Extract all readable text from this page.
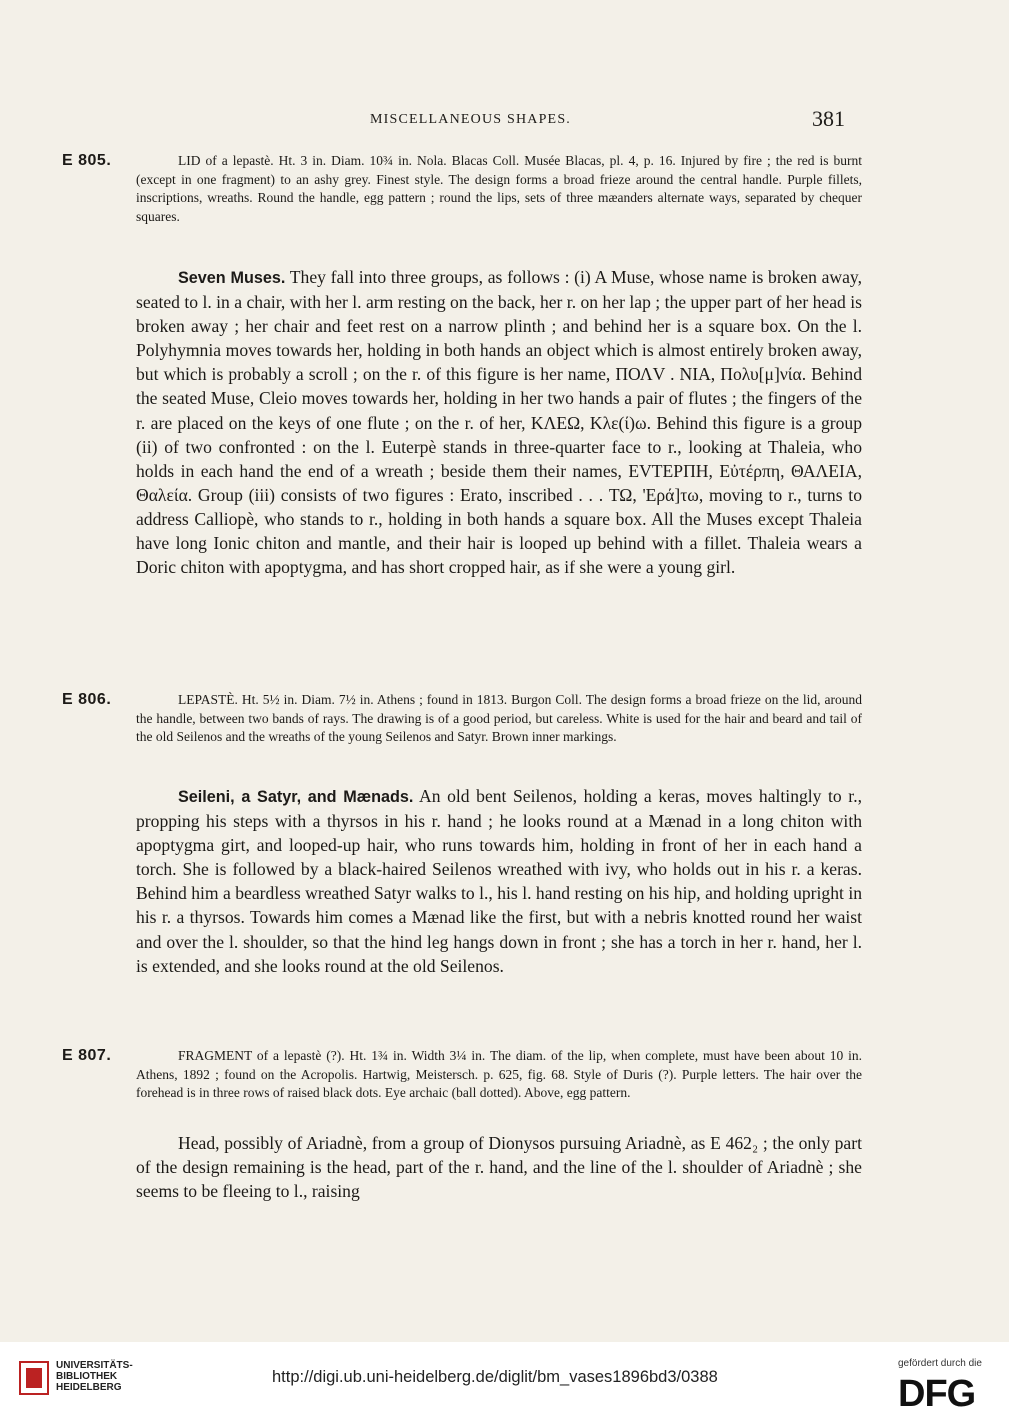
MISCELLANEOUS SHAPES.	381
E 805.	LID of a lepastè. Ht. 3 in. Diam. 10¾ in. Nola. Blacas Coll. Musée Blacas, pl. 4, p. 16. Injured by fire ; the red is burnt (except in one fragment) to an ashy grey. Finest style. The design forms a broad frieze around the central handle. Purple fillets, inscriptions, wreaths. Round the handle, egg pattern ; round the lips, sets of three mæanders alternate ways, separated by chequer squares.
Seven Muses. They fall into three groups, as follows : (i) A Muse, whose name is broken away, seated to l. in a chair, with her l. arm resting on the back, her r. on her lap ; the upper part of her head is broken away ; her chair and feet rest on a narrow plinth ; and behind her is a square box. On the l. Polyhymnia moves towards her, holding in both hands an object which is almost entirely broken away, but which is probably a scroll ; on the r. of this figure is her name, ΠΟΛV . ΝΙΑ, Πολυ[μ]νία. Behind the seated Muse, Cleio moves towards her, holding in her two hands a pair of flutes ; the fingers of the r. are placed on the keys of one flute ; on the r. of her, ΚΛΕΩ, Κλε(ί)ω. Behind this figure is a group (ii) of two confronted : on the l. Euterpè stands in three-quarter face to r., looking at Thaleia, who holds in each hand the end of a wreath ; beside them their names, ΕVΤΕΡΠΗ, Εὐτέρπη, ΘΑΛΕΙΑ, Θαλεία. Group (iii) consists of two figures : Erato, inscribed . . . ΤΩ, 'Ερά]τω, moving to r., turns to address Calliopè, who stands to r., holding in both hands a square box. All the Muses except Thaleia have long Ionic chiton and mantle, and their hair is looped up behind with a fillet. Thaleia wears a Doric chiton with apoptygma, and has short cropped hair, as if she were a young girl.
E 806.	LEPASTÈ. Ht. 5½ in. Diam. 7½ in. Athens ; found in 1813. Burgon Coll. The design forms a broad frieze on the lid, around the handle, between two bands of rays. The drawing is of a good period, but careless. White is used for the hair and beard and tail of the old Seilenos and the wreaths of the young Seilenos and Satyr. Brown inner markings.
Seileni, a Satyr, and Mænads. An old bent Seilenos, holding a keras, moves haltingly to r., propping his steps with a thyrsos in his r. hand ; he looks round at a Mænad in a long chiton with apoptygma girt, and looped-up hair, who runs towards him, holding in front of her in each hand a torch. She is followed by a black-haired Seilenos wreathed with ivy, who holds out in his r. a keras. Behind him a beardless wreathed Satyr walks to l., his l. hand resting on his hip, and holding upright in his r. a thyrsos. Towards him comes a Mænad like the first, but with a nebris knotted round her waist and over the l. shoulder, so that the hind leg hangs down in front ; she has a torch in her r. hand, her l. is extended, and she looks round at the old Seilenos.
E 807.	FRAGMENT of a lepastè (?). Ht. 1¾ in. Width 3¼ in. The diam. of the lip, when complete, must have been about 10 in. Athens, 1892 ; found on the Acropolis. Hartwig, Meistersch. p. 625, fig. 68. Style of Duris (?). Purple letters. The hair over the forehead is in three rows of raised black dots. Eye archaic (ball dotted). Above, egg pattern.
Head, possibly of Ariadnè, from a group of Dionysos pursuing Ariadnè, as E 462₂ ; the only part of the design remaining is the head, part of the r. hand, and the line of the l. shoulder of Ariadnè ; she seems to be fleeing to l., raising
UNIVERSITÄTS-
BIBLIOTHEK
HEIDELBERG
http://digi.ub.uni-heidelberg.de/diglit/bm_vases1896bd3/0388
gefördert durch die
DFG
